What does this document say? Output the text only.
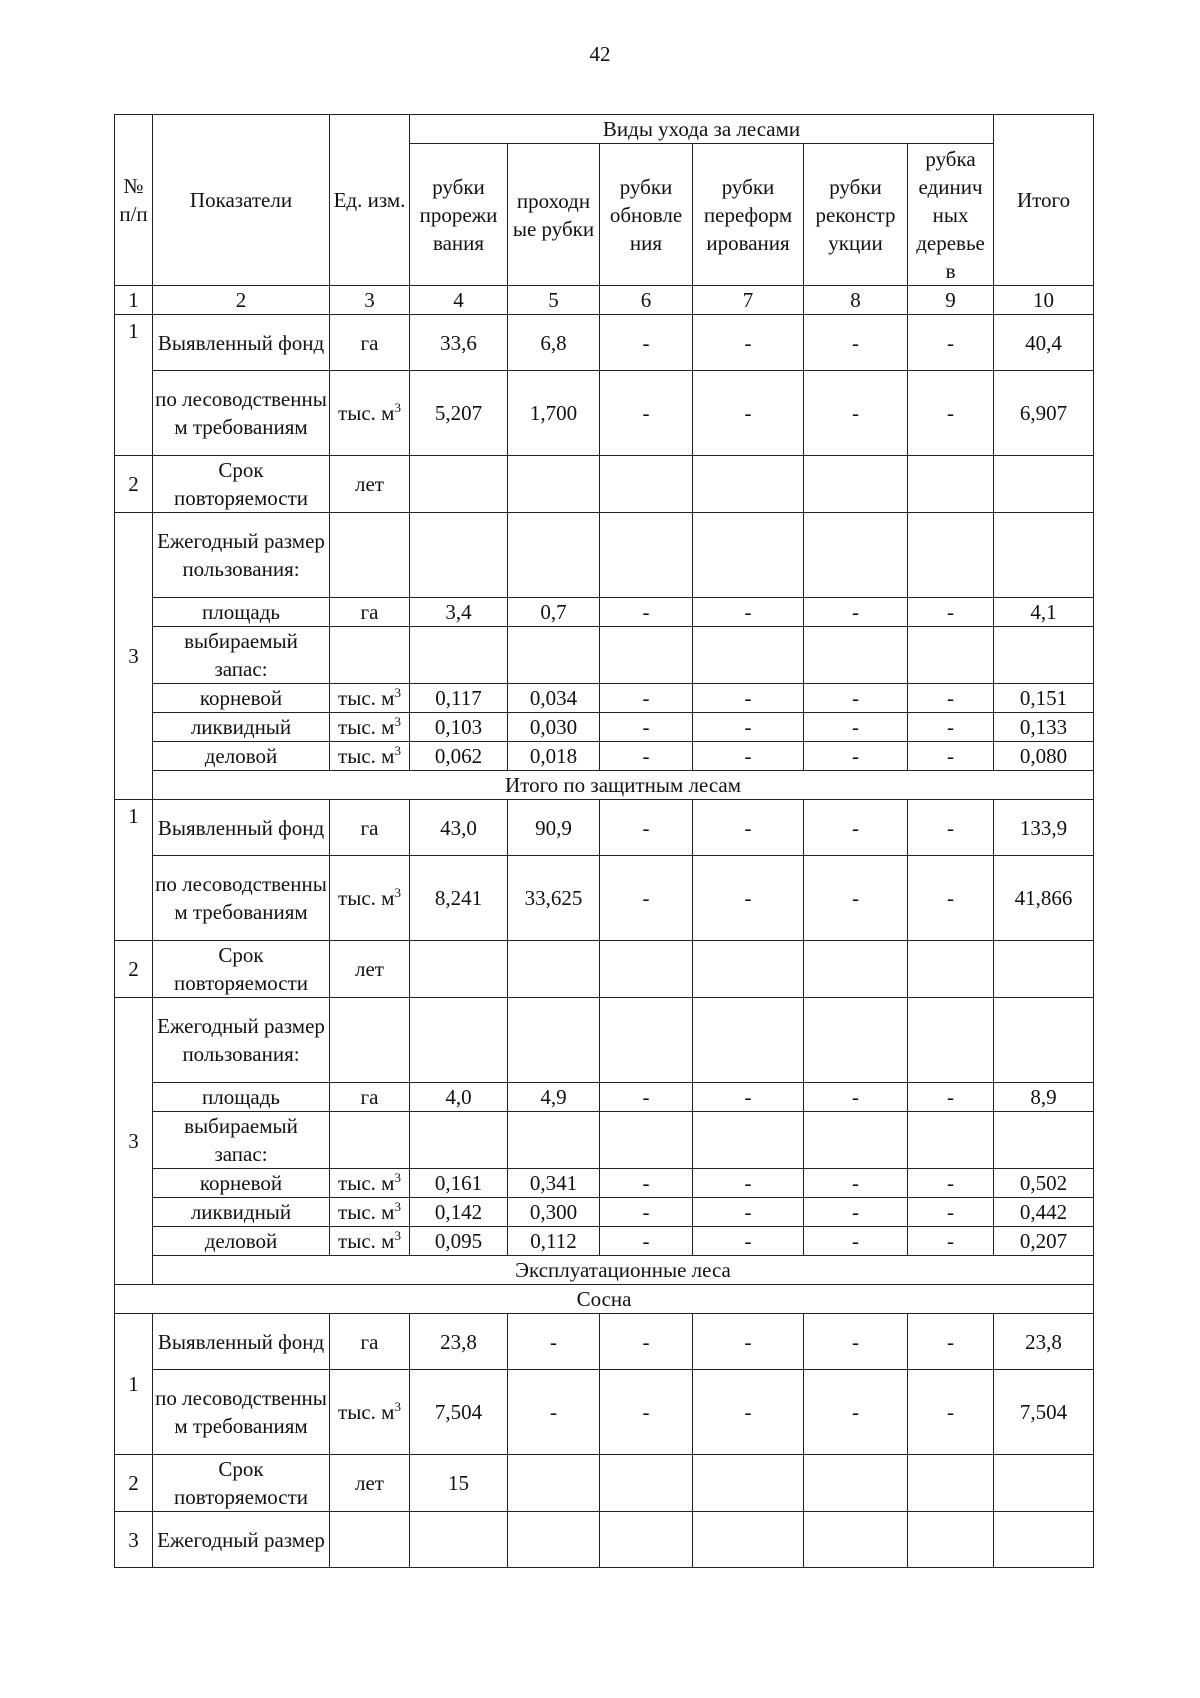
42
№ п/п	Показатели	Ед. изм.	Виды ухода за лесами						Итого
			рубки прорежи вания	проходн ые рубки	рубки обновле ния	рубки переформ ирования	рубки реконстр укции	рубка единич ных деревье в	
1	2	3	4	5	6	7	8	9	10
1	Выявленный фонд	га	33,6	6,8	-	-	-	-	40,4
	по лесоводственны м требованиям	тыс. $м^3$	5,207	1,700	-	-	-	-	6,907
2	Срок повторяемости	лет							
3	Ежегодный размер пользования:								
	площадь	га	3,4	0,7	-	-	-	-	4,1
	выбираемый запас:								
	корневой	тыс. $м^3$	0,117	0,034	-	-	-	-	0,151
	ликвидный	тыс. $м^3$	0,103	0,030	-	-	-	-	0,133
	деловой	тыс. $м^3$	0,062	0,018	-	-	-	-	0,080
	Итого по защитным лесам								
1	Выявленный фонд	га	43,0	90,9	-	-	-	-	133,9
	по лесоводственны м требованиям	тыс. $м^3$	8,241	33,625	-	-	-	-	41,866
2	Срок повторяемости	лет							
3	Ежегодный размер пользования:								
	площадь	га	4,0	4,9	-	-	-	-	8,9
	выбираемый запас:								
	корневой	тыс. $м^3$	0,161	0,341	-	-	-	-	0,502
	ликвидный	тыс. $м^3$	0,142	0,300	-	-	-	-	0,442
	деловой	тыс. $м^3$	0,095	0,112	-	-	-	-	0,207
	Эксплуатационные леса								
Сосна									
1	Выявленный фонд	га	23,8	-	-	-	-	-	23,8
	по лесоводственны м требованиям	тыс. $м^3$	7,504	-	-	-	-	-	7,504
2	Срок повторяемости	лет	15						
3	Ежегодный размер								
